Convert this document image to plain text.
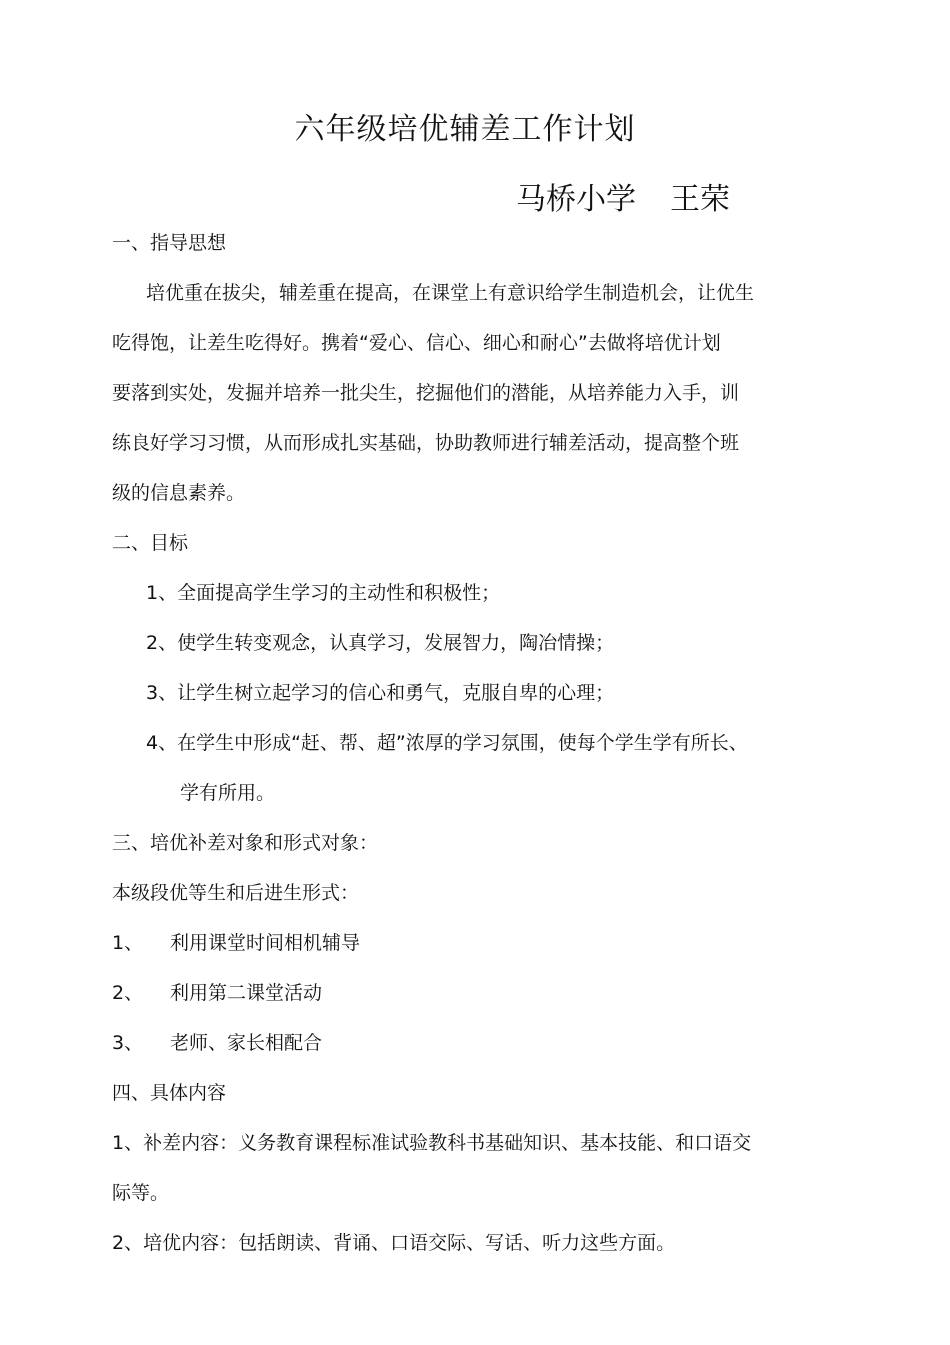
六年级培优辅差工作计划
马桥小学 王荣
一、指导思想
培优重在拔尖，辅差重在提高，在课堂上有意识给学生制造机会，让优生
吃得饱，让差生吃得好。携着“爱心、信心、细心和耐心”去做将培优计划
要落到实处，发掘并培养一批尖生，挖掘他们的潜能，从培养能力入手，训
练良好学习习惯，从而形成扎实基础，协助教师进行辅差活动，提高整个班
级的信息素养。
二、目标
1、全面提高学生学习的主动性和积极性；
2、使学生转变观念，认真学习，发展智力，陶冶情操；
3、让学生树立起学习的信心和勇气，克服自卑的心理；
4、在学生中形成“赶、帮、超”浓厚的学习氛围，使每个学生学有所长、
学有所用。
三、培优补差对象和形式对象：
本级段优等生和后进生形式：
1、 利用课堂时间相机辅导
2、 利用第二课堂活动
3、 老师、家长相配合
四、具体内容
1、补差内容：义务教育课程标准试验教科书基础知识、基本技能、和口语交
际等。
2、培优内容：包括朗读、背诵、口语交际、写话、听力这些方面。
